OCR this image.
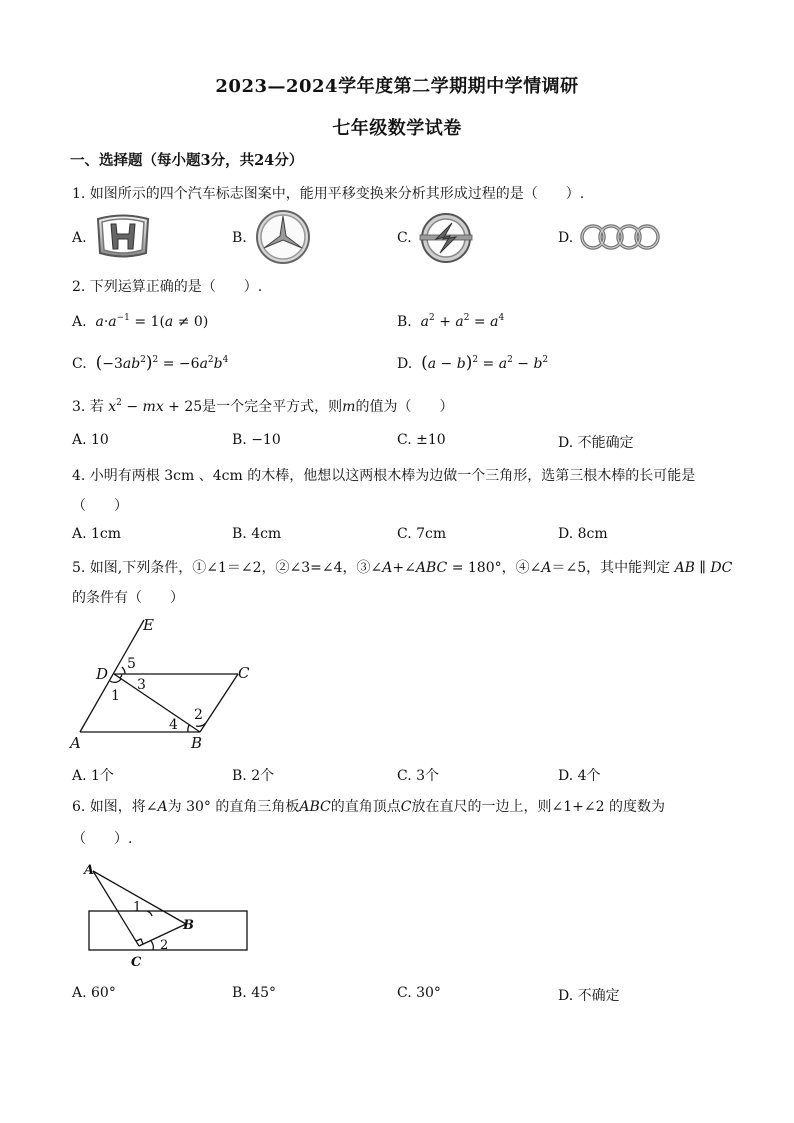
2023—2024学年度第二学期期中学情调研
七年级数学试卷
一、选择题（每小题3分，共24分）
1. 如图所示的四个汽车标志图案中，能用平移变换来分析其形成过程的是（　　）.
A.	B.	C.	D.
2. 下列运算正确的是（　　）.
A. $a\cdot a^{-1} = 1(a \ne 0)$	B. $a^2 + a^2 = a^4$
C. $(-3ab^2)^2 = -6a^2b^4$	D. $(a - b)^2 = a^2 - b^2$
3. 若 $x^2$ − mx + 25是一个完全平方式，则m的值为（　　）
A. 10	B. −10	C. ±10	D. 不能确定
4. 小明有两根 3cm 、4cm 的木棒，他想以这两根木棒为边做一个三角形，选第三根木棒的长可能是
（　　）
A. 1cm	B. 4cm	C. 7cm	D. 8cm
5. 如图,下列条件，①∠1＝∠2，②∠3=∠4，③∠A+∠ABC = 180°，④∠A＝∠5，其中能判定 AB ∥ DC
的条件有（　　）
E
D	C
A	B
5
3
1
2
4
A. 1个	B. 2个	C. 3个	D. 4个
6. 如图，将∠A为 30° 的直角三角板ABC的直角顶点C放在直尺的一边上，则∠1+∠2 的度数为
（　　）.
A
B
C
1
2
A. 60°	B. 45°	C. 30°	D. 不确定
